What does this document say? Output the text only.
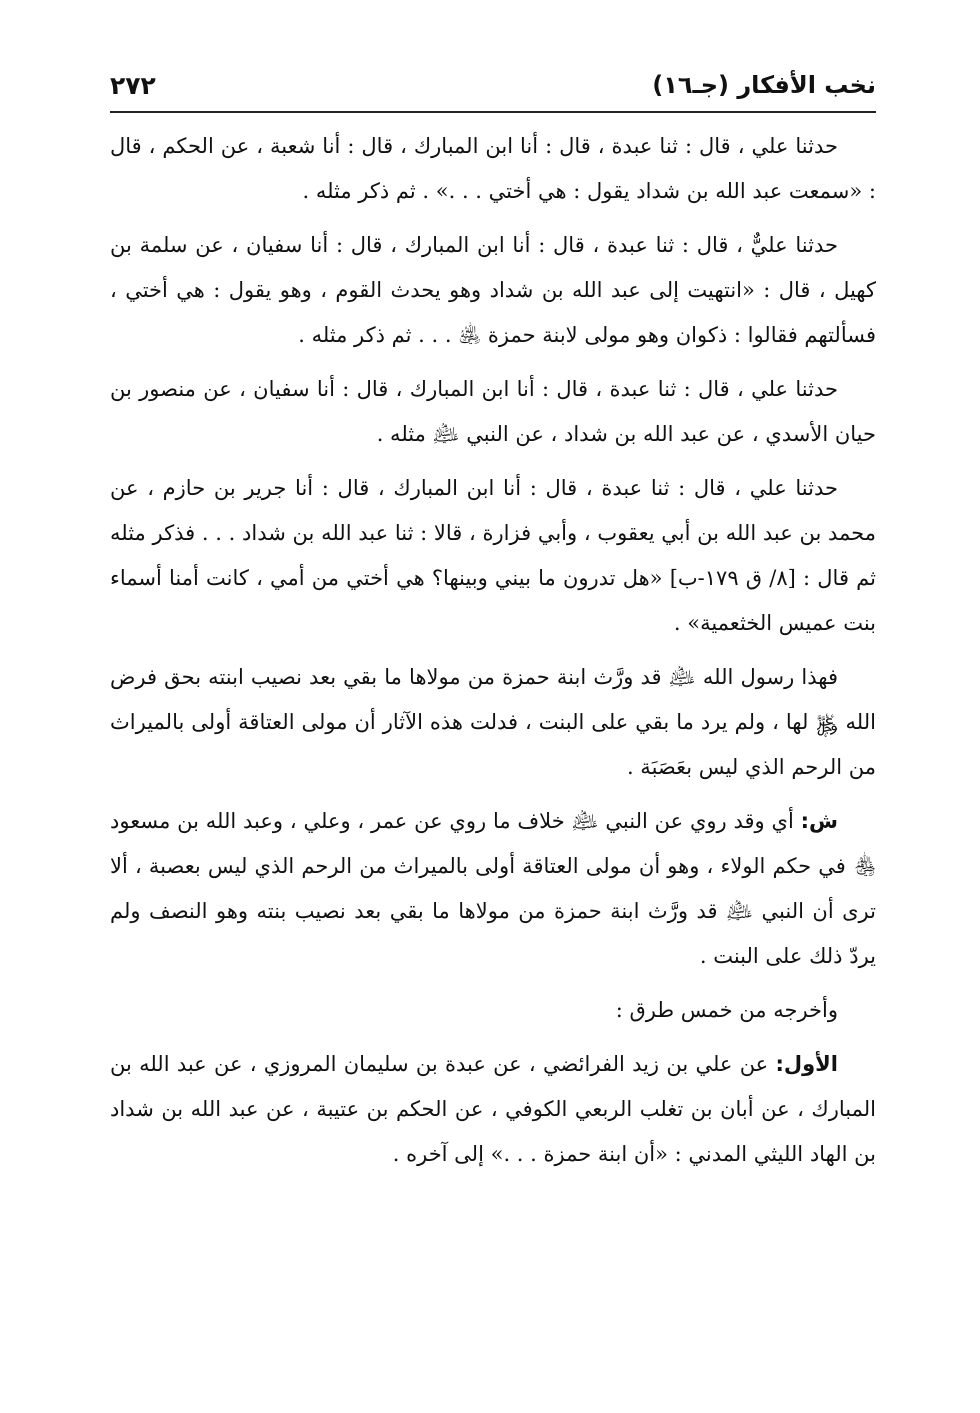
٢٧٢	نخب الأفكار (جـ١٦)

حدثنا علي ، قال : ثنا عبدة ، قال : أنا ابن المبارك ، قال : أنا شعبة ، عن الحكم ، قال : «سمعت عبد الله بن شداد يقول : هي أختي . . .» . ثم ذكر مثله .

حدثنا عليٌّ ، قال : ثنا عبدة ، قال : أنا ابن المبارك ، قال : أنا سفيان ، عن سلمة بن كهيل ، قال : «انتهيت إلى عبد الله بن شداد وهو يحدث القوم ، وهو يقول : هي أختي ، فسألتهم فقالوا : ذكوان وهو مولى لابنة حمزة ﵁ . . . ثم ذكر مثله .

حدثنا علي ، قال : ثنا عبدة ، قال : أنا ابن المبارك ، قال : أنا سفيان ، عن منصور بن حيان الأسدي ، عن عبد الله بن شداد ، عن النبي ﵇ مثله .

حدثنا علي ، قال : ثنا عبدة ، قال : أنا ابن المبارك ، قال : أنا جرير بن حازم ، عن محمد بن عبد الله بن أبي يعقوب ، وأبي فزارة ، قالا : ثنا عبد الله بن شداد . . . فذكر مثله ثم قال : [٨/ ق ١٧٩-ب] «هل تدرون ما بيني وبينها؟ هي أختي من أمي ، كانت أمنا أسماء بنت عميس الخثعمية» .

فهذا رسول الله ﵇ قد ورَّث ابنة حمزة من مولاها ما بقي بعد نصيب ابنته بحق فرض الله ﷿ لها ، ولم يرد ما بقي على البنت ، فدلت هذه الآثار أن مولى العتاقة أولى بالميراث من الرحم الذي ليس بعَصَبَة .

ش: أي وقد روي عن النبي ﵇ خلاف ما روي عن عمر ، وعلي ، وعبد الله بن مسعود ﵃ في حكم الولاء ، وهو أن مولى العتاقة أولى بالميراث من الرحم الذي ليس بعصبة ، ألا ترى أن النبي ﵇ قد ورَّث ابنة حمزة من مولاها ما بقي بعد نصيب بنته وهو النصف ولم يردّ ذلك على البنت .

وأخرجه من خمس طرق :

الأول: عن علي بن زيد الفرائضي ، عن عبدة بن سليمان المروزي ، عن عبد الله بن المبارك ، عن أبان بن تغلب الربعي الكوفي ، عن الحكم بن عتيبة ، عن عبد الله بن شداد بن الهاد الليثي المدني : «أن ابنة حمزة . . .» إلى آخره .
